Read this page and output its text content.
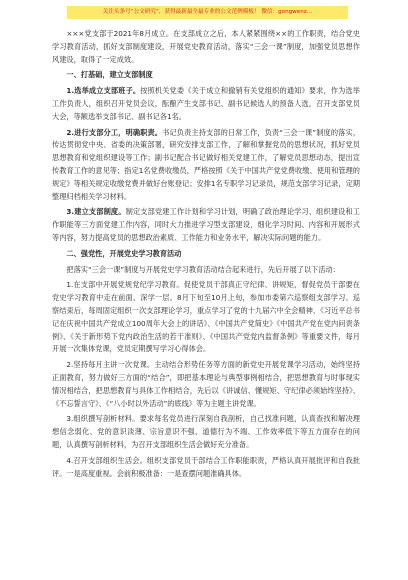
关注头条号“公文研究”，获得最新最全最专业的公文范例模板！ 微信：gongwenz…

×××党支部于2021年8月成立。在支部成立之后，本人紧紧围绕××的工作职责，结合党史学习教育活动，抓好支部制度建设，开展党史教育活动，落实“三会一课”制度，加强党员思想作风建设，取得了一定成效。

一、打基础，建立支部制度

1.选举成立支部班子。按照机关党委《关于成立和撤销有关党组织的通知》要求，作为选举工作负责人，组织召开党员会议，酝酿产生支部书记、副书记候选人的预备人选，召开支部党员大会，等额选举支部书记、副书记各1名。

2.进行支部分工，明确职责。书记负责主持支部的日常工作，负责“三会一课”制度的落实，传达贯彻党中央、省委的决策部署，研究安排支部工作，了解和掌握党员的思想状况，抓好党员思想教育和党组织建设等工作；副书记配合书记做好相关党建工作，了解党员思想动态，提出宣传教育工作的意见等；指定1名党费收缴员，严格按照《关于中国共产党党费收缴、使用和管理的规定》等相关规定收缴党费并做好台账登记；安排1名专职学习记录员，规范支部学习记录，定期整理归档相关学习材料。

3.建立支部制度。制定支部党建工作计划和学习计划，明确了政治理论学习、组织建设和工作职能等三方面党建工作内容，同时大力推进学习型支部建设，细化学习时间、内容和开展形式等内容，努力提高党员的思想政治素质、工作能力和业务水平，解决实际问题的能力。

二、强党性，开展党史学习教育活动

把落实“三会一课”制度与开展党史学习教育活动结合起来进行，先后开展了以下活动：

1.在支部中开展党规党纪学习教育。促使党员干部真正守纪律、讲规矩，督促党员干部要在党史学习教育中走在前面、深学一层。8月下旬至10月上旬，参加市委第六巡察组支部学习。巡察结束后，每周固定组织一次支部理论学习，重点学习了党的十九届六中全会精神、《习近平总书记在庆祝中国共产党成立100周年大会上的讲话》、《中国共产党简史》《中国共产党在党内问责条例》、《关于新形势下党内政治生活的若干准则》、《中国共产党党内监督条例》等重要文件，每月开展一次集体党课，党员定期撰写学习心得体会。

2.坚持每月主讲一次党课。主动结合形势任务等方面的新党史开展党课学习活动，始终坚持正面教育，努力做好三方面的“结合”，即把基本理论与典型事例相结合，把思想教育与时事现实情况相结合，把思想教育与具体工作相结合，先后以《讲诚信、懂规矩、守纪律必须始终坚持》、《不忘誓言守》、《“八小时以外活动”的底线》等为主题主讲党课。

3.组织撰写剖析材料。要求每名党员进行深刻自我剖析，自己找准问题，认真查找和解决理想信念弱化、党的意识淡薄、宗旨意识不强、道德行为不端、工作效率低下等五方面存在的问题，认真撰写剖析材料，为召开支部组织生活会做好充分准备。

4.召开支部组织生活会。组织支部党员干部结合工作职能职责，严格认真开展批评和自我批评。一是高度重视。会前积极准备：一是查摆问题准确具体。
